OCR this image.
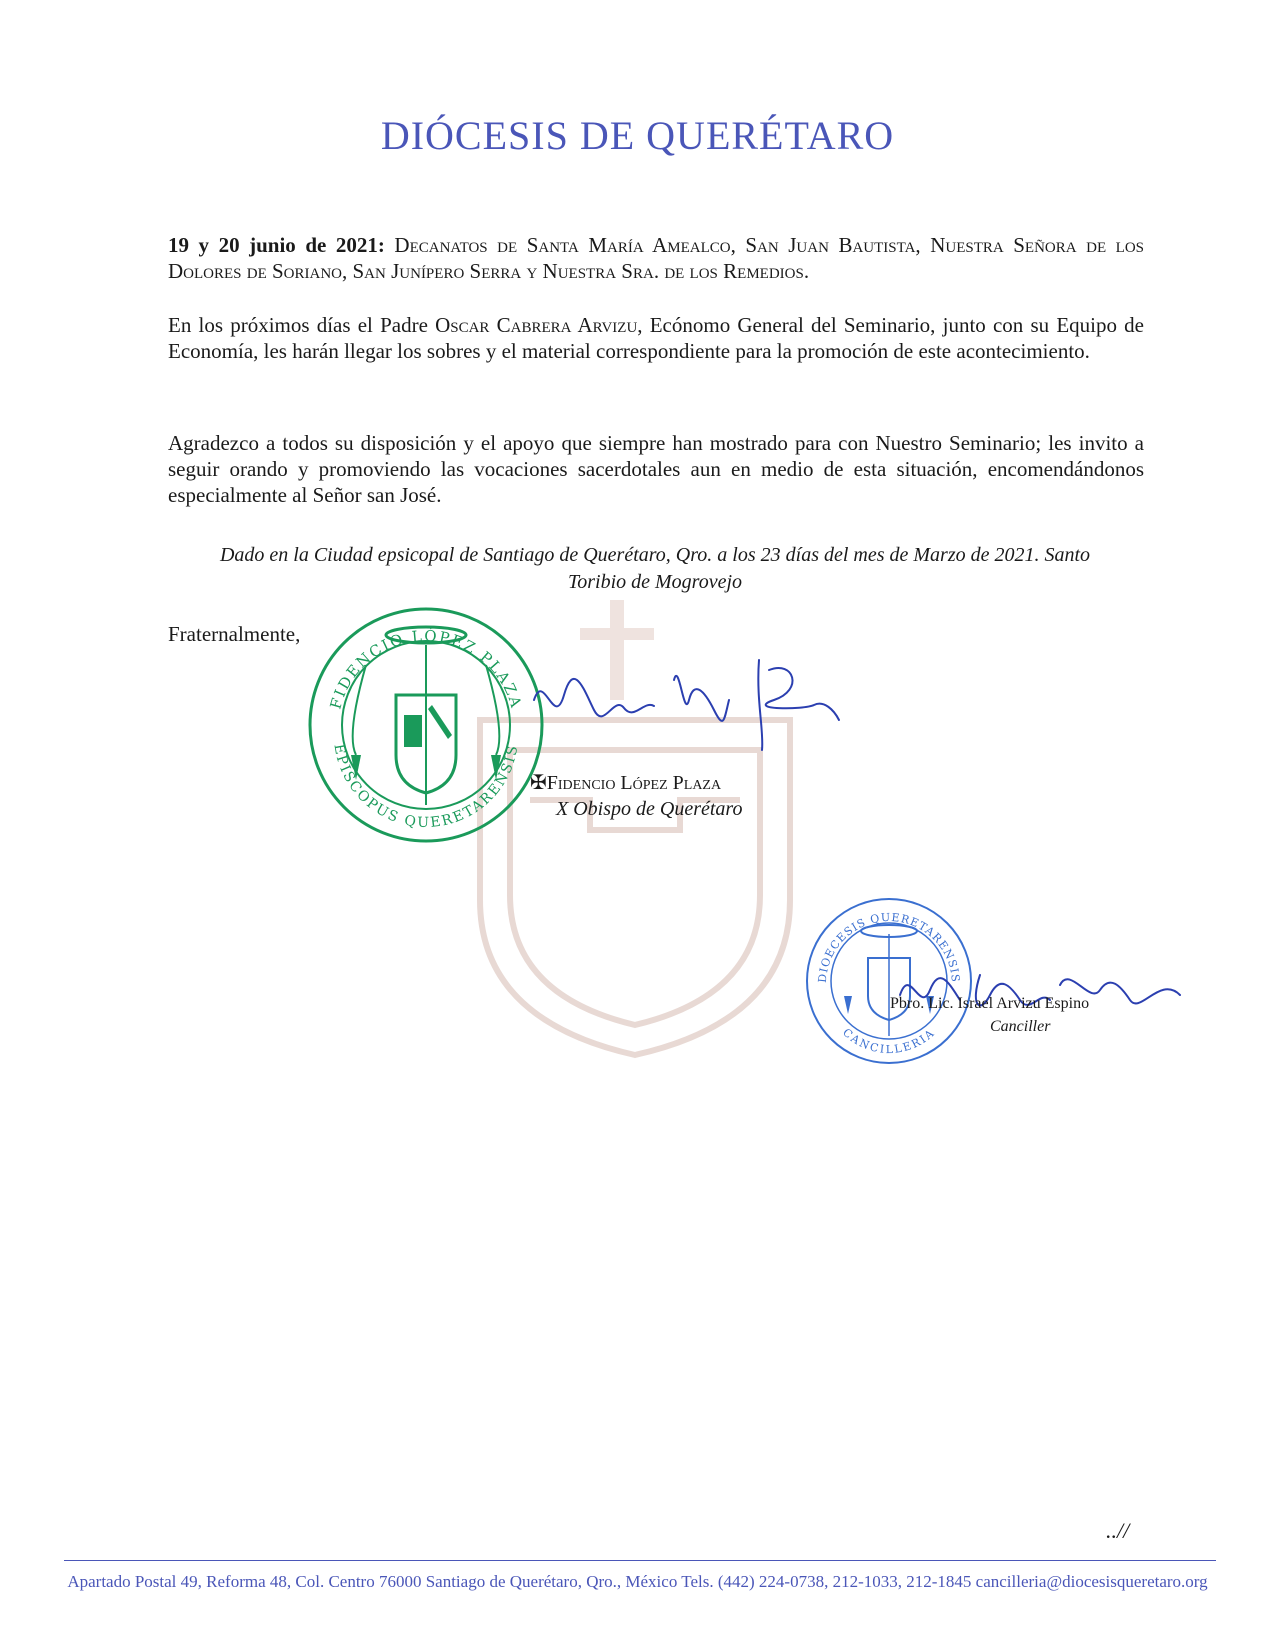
DIÓCESIS DE QUERÉTARO
19 y 20 junio de 2021: Decanatos de Santa María Amealco, San Juan Bautista, Nuestra Señora de los Dolores de Soriano, San Junípero Serra y Nuestra Sra. de los Remedios.
En los próximos días el Padre Oscar Cabrera Arvizu, Ecónomo General del Seminario, junto con su Equipo de Economía, les harán llegar los sobres y el material correspondiente para la promoción de este acontecimiento.
Agradezco a todos su disposición y el apoyo que siempre han mostrado para con Nuestro Seminario; les invito a seguir orando y promoviendo las vocaciones sacerdotales aun en medio de esta situación, encomendándonos especialmente al Señor san José.
Dado en la Ciudad epsicopal de Santiago de Querétaro, Qro. a los 23 días del mes de Marzo de 2021. Santo Toribio de Mogrovejo
Fraternalmente,
FIDENCIO LÓPEZ PLAZA
EPISCOPUS QUERETARENSIS
✠Fidencio López Plaza
X Obispo de Querétaro
DIOECESIS QUERETARENSIS
CANCILLERIA
Pbro. Lic. Israel Arvizu Espino
Canciller
..//
Apartado Postal 49, Reforma 48, Col. Centro 76000 Santiago de Querétaro, Qro., México Tels. (442) 224-0738, 212-1033, 212-1845 cancilleria@diocesisqueretaro.org
